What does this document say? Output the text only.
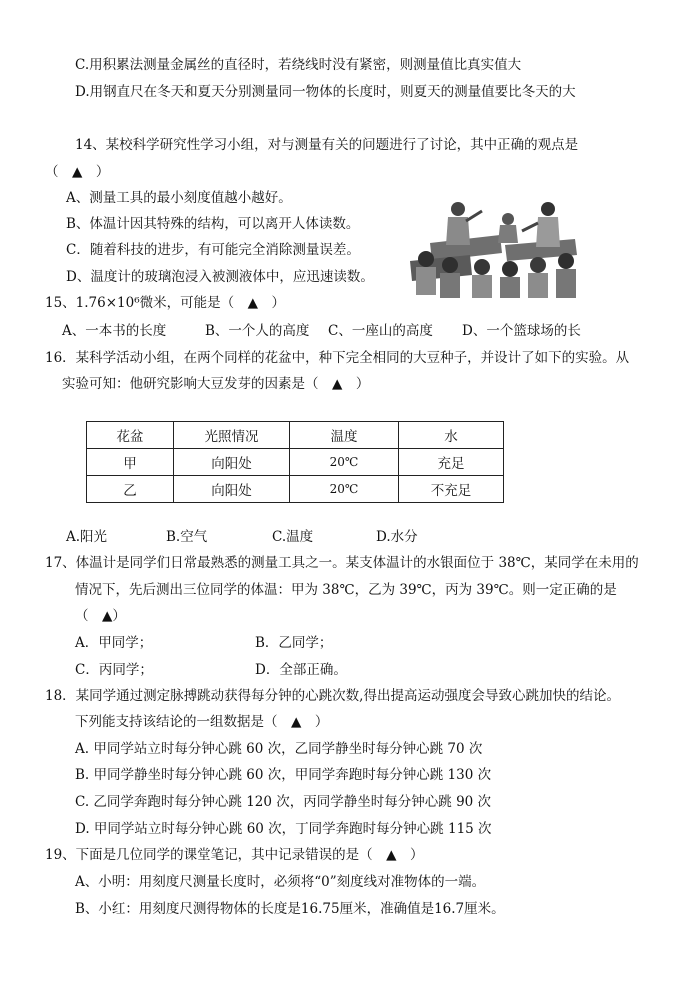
C.用积累法测量金属丝的直径时，若绕线时没有紧密，则测量值比真实值大
D.用钢直尺在冬天和夏天分别测量同一物体的长度时，则夏天的测量值要比冬天的大
14、某校科学研究性学习小组，对与测量有关的问题进行了讨论，其中正确的观点是
（　▲　）
A、测量工具的最小刻度值越小越好。
B、体温计因其特殊的结构，可以离开人体读数。
C．随着科技的进步，有可能完全消除测量误差。
D、温度计的玻璃泡浸入被测液体中，应迅速读数。
15、1.76×10⁶微米，可能是（　▲　）
A、一本书的长度	B、一个人的高度 C、一座山的高度 D、一个篮球场的长
16．某科学活动小组，在两个同样的花盆中，种下完全相同的大豆种子，并设计了如下的实验。从
实验可知：他研究影响大豆发芽的因素是（　▲　）
花盆	光照情况	温度	水
甲	向阳处	20℃	充足
乙	向阳处	20℃	不充足
A.阳光	B.空气	C.温度	D.水分
17、体温计是同学们日常最熟悉的测量工具之一。某支体温计的水银面位于 38℃，某同学在未用的
情况下，先后测出三位同学的体温：甲为 38℃，乙为 39℃，丙为 39℃。则一定正确的是
（　▲）
A．甲同学；	B．乙同学；
C．丙同学；	D．全部正确。
18．某同学通过测定脉搏跳动获得每分钟的心跳次数,得出提高运动强度会导致心跳加快的结论。
下列能支持该结论的一组数据是（　▲　）
A. 甲同学站立时每分钟心跳 60 次，乙同学静坐时每分钟心跳 70 次
B. 甲同学静坐时每分钟心跳 60 次，甲同学奔跑时每分钟心跳 130 次
C. 乙同学奔跑时每分钟心跳 120 次，丙同学静坐时每分钟心跳 90 次
D. 甲同学站立时每分钟心跳 60 次，丁同学奔跑时每分钟心跳 115 次
19、下面是几位同学的课堂笔记，其中记录错误的是（　▲　）
A、小明：用刻度尺测量长度时，必须将“0”刻度线对准物体的一端。
B、小红：用刻度尺测得物体的长度是16.75厘米，准确值是16.7厘米。
